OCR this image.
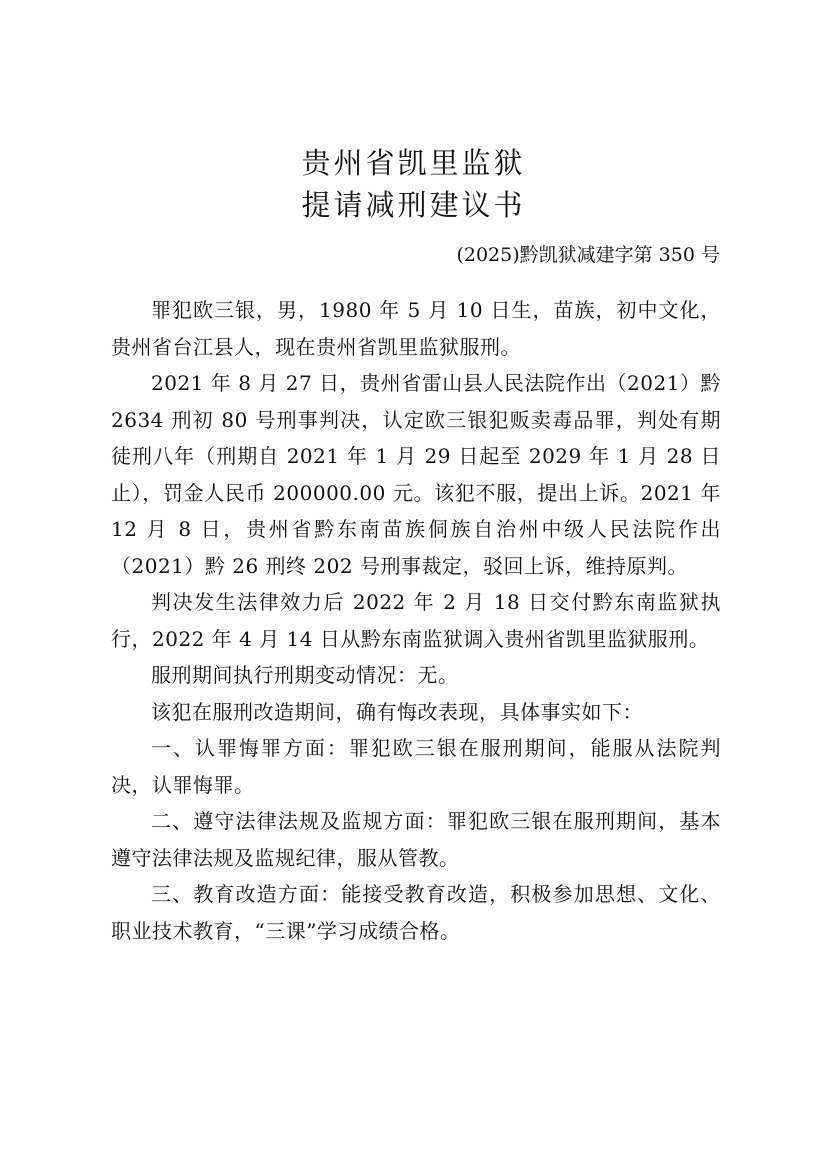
贵州省凯里监狱
提请减刑建议书
(2025)黔凯狱减建字第 350 号

罪犯欧三银，男，1980 年 5 月 10 日生，苗族，初中文化，贵州省台江县人，现在贵州省凯里监狱服刑。

2021 年 8 月 27 日，贵州省雷山县人民法院作出（2021）黔 2634 刑初 80 号刑事判决，认定欧三银犯贩卖毒品罪，判处有期徒刑八年（刑期自 2021 年 1 月 29 日起至 2029 年 1 月 28 日止），罚金人民币 200000.00 元。该犯不服，提出上诉。2021 年 12 月 8 日，贵州省黔东南苗族侗族自治州中级人民法院作出（2021）黔 26 刑终 202 号刑事裁定，驳回上诉，维持原判。

判决发生法律效力后 2022 年 2 月 18 日交付黔东南监狱执行，2022 年 4 月 14 日从黔东南监狱调入贵州省凯里监狱服刑。

服刑期间执行刑期变动情况：无。

该犯在服刑改造期间，确有悔改表现，具体事实如下：

一、认罪悔罪方面：罪犯欧三银在服刑期间，能服从法院判决，认罪悔罪。

二、遵守法律法规及监规方面：罪犯欧三银在服刑期间，基本遵守法律法规及监规纪律，服从管教。

三、教育改造方面：能接受教育改造，积极参加思想、文化、职业技术教育，“三课”学习成绩合格。
